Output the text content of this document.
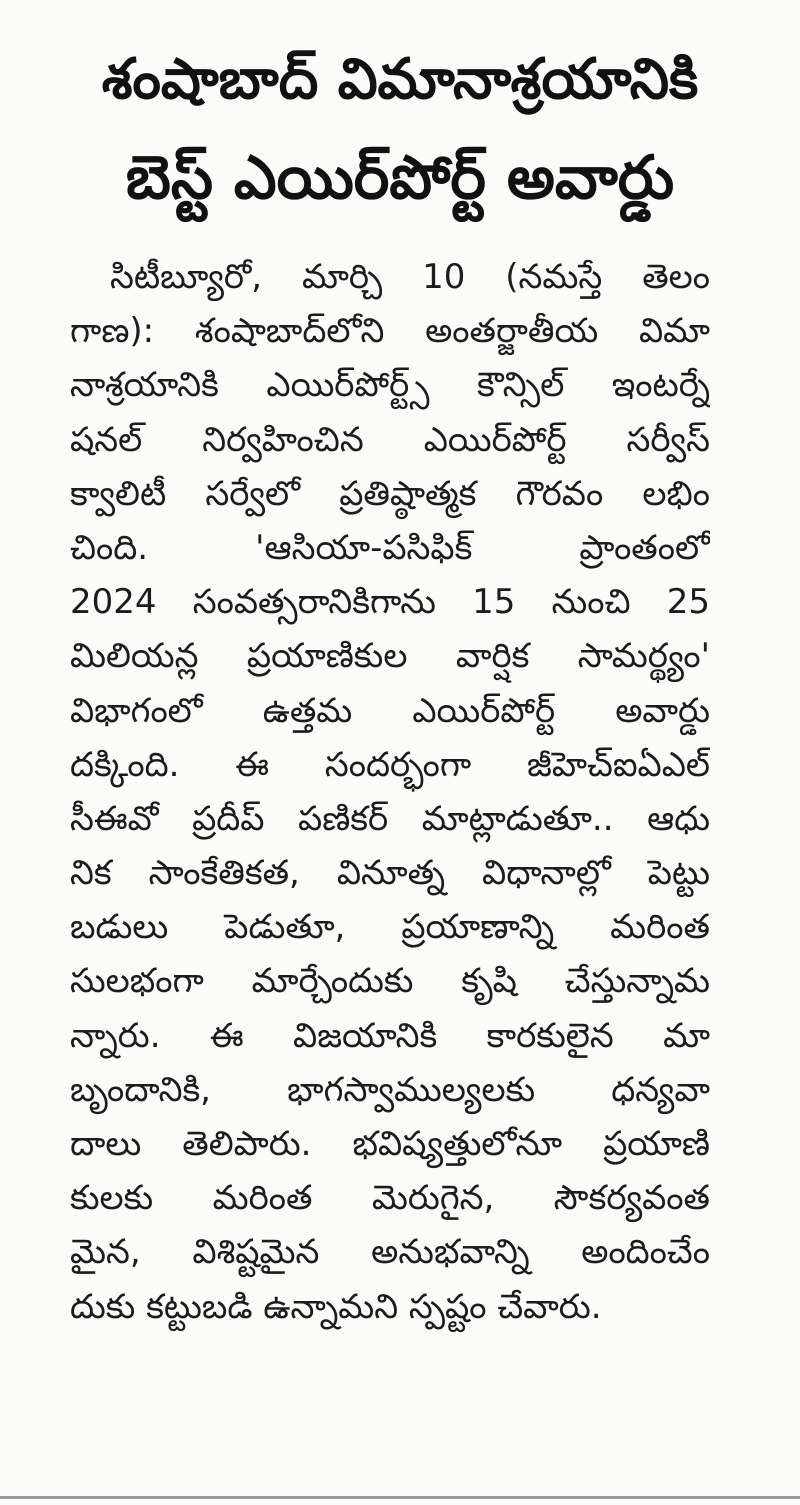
శంషాబాద్‌ విమానాశ్రయానికి
బెస్ట్‌ ఎయిర్‌పోర్ట్‌ అవార్డు
సిటీబ్యూరో, మార్చి 10 (నమస్తే తెలం
గాణ): శంషాబాద్‌లోని అంతర్జాతీయ విమా
నాశ్రయానికి ఎయిర్‌పోర్ట్స్‌ కౌన్సిల్‌ ఇంటర్నే
షనల్‌ నిర్వహించిన ఎయిర్‌పోర్ట్‌ సర్వీస్‌
క్వాలిటీ సర్వేలో ప్రతిష్ఠాత్మక గౌరవం లభిం
చింది. 'ఆసియా-పసిఫిక్‌ ప్రాంతంలో
2024 సంవత్సరానికిగాను 15 నుంచి 25
మిలియన్ల ప్రయాణికుల వార్షిక సామర్థ్యం'
విభాగంలో ఉత్తమ ఎయిర్‌పోర్ట్‌ అవార్డు
దక్కింది. ఈ సందర్భంగా జీహెచ్‌ఐఏఎల్‌
సీఈవో ప్రదీప్‌ పణికర్‌ మాట్లాడుతూ.. ఆధు
నిక సాంకేతికత, వినూత్న విధానాల్లో పెట్టు
బడులు పెడుతూ, ప్రయాణాన్ని మరింత
సులభంగా మార్చేందుకు కృషి చేస్తున్నామ
న్నారు. ఈ విజయానికి కారకులైన మా
బృందానికి, భాగస్వాముల్యలకు ధన్యవా
దాలు తెలిపారు. భవిష్యత్తులోనూ ప్రయాణి
కులకు మరింత మెరుగైన, సౌకర్యవంత
మైన, విశిష్టమైన అనుభవాన్ని అందించేం
దుకు కట్టుబడి ఉన్నామని స్పష్టం చేవారు.
